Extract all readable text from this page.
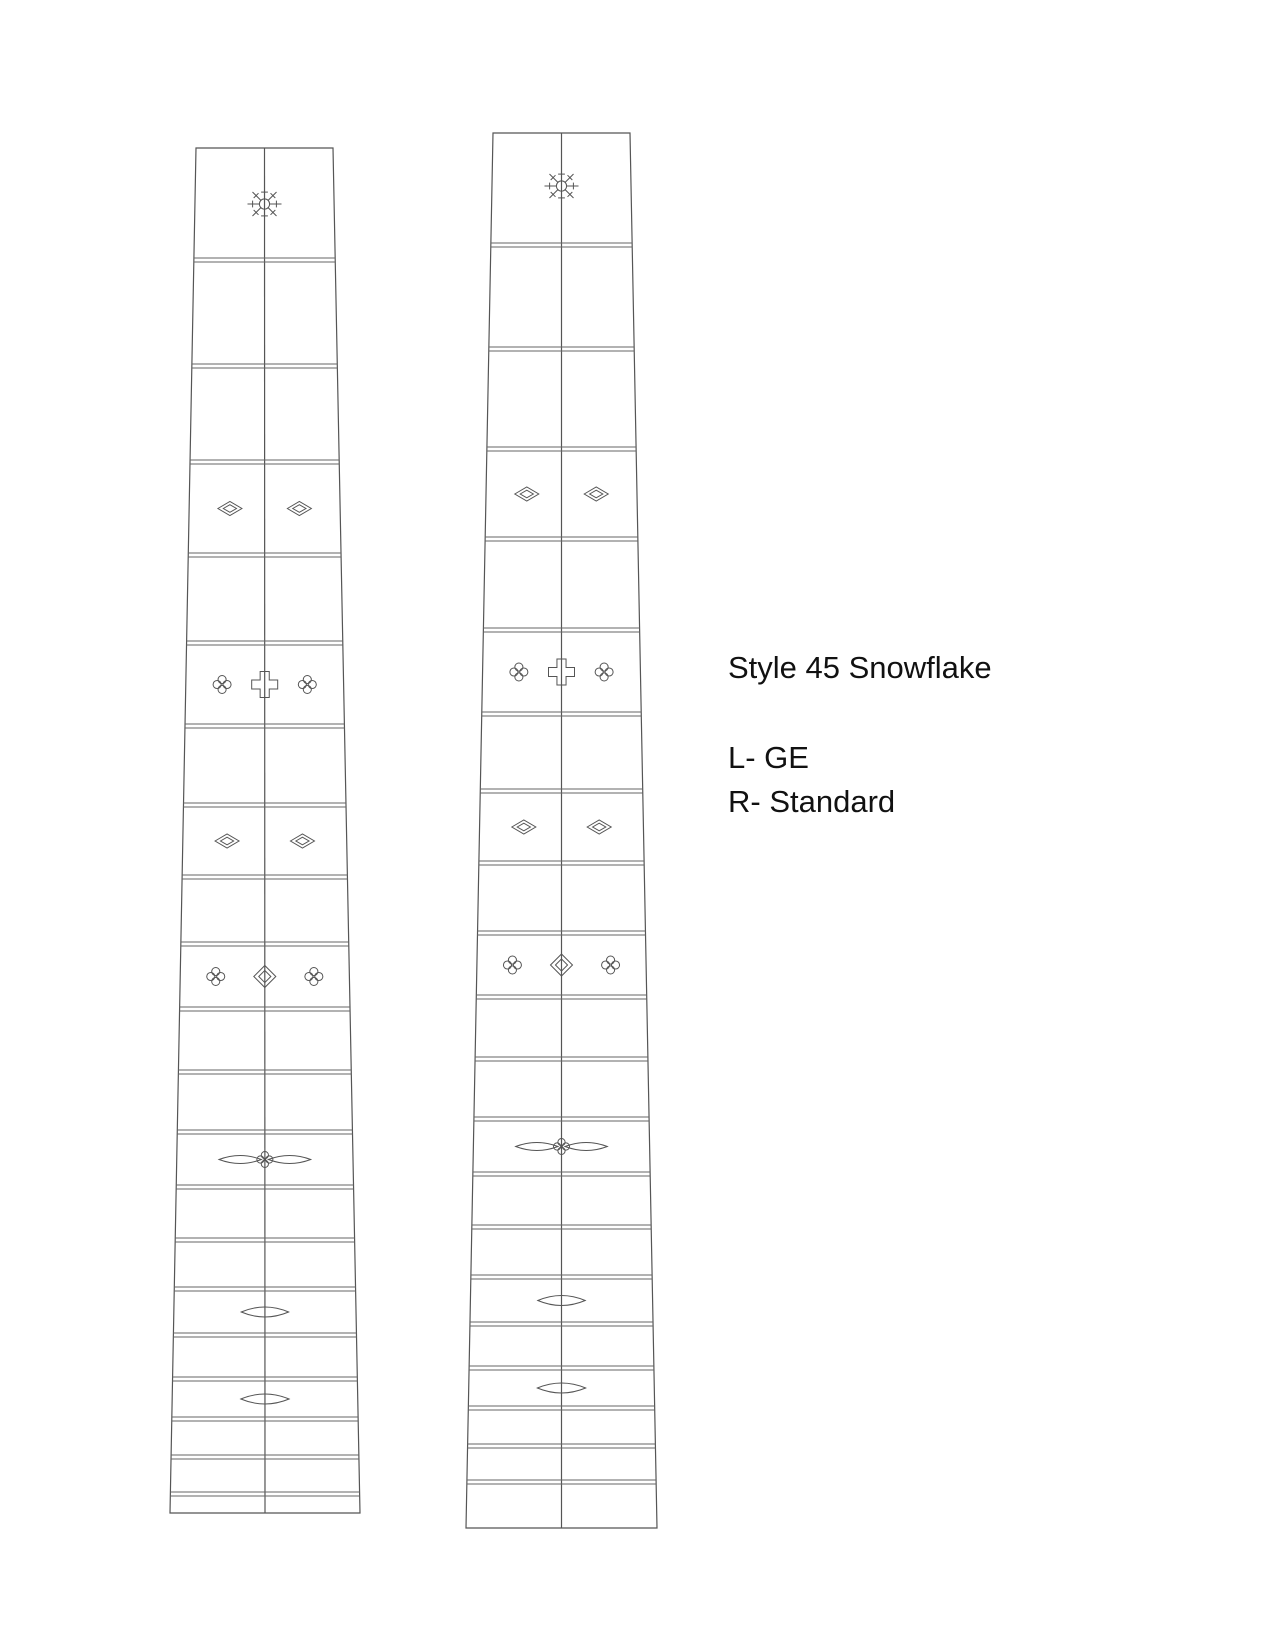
Style 45 Snowflake
L- GE
R- Standard
